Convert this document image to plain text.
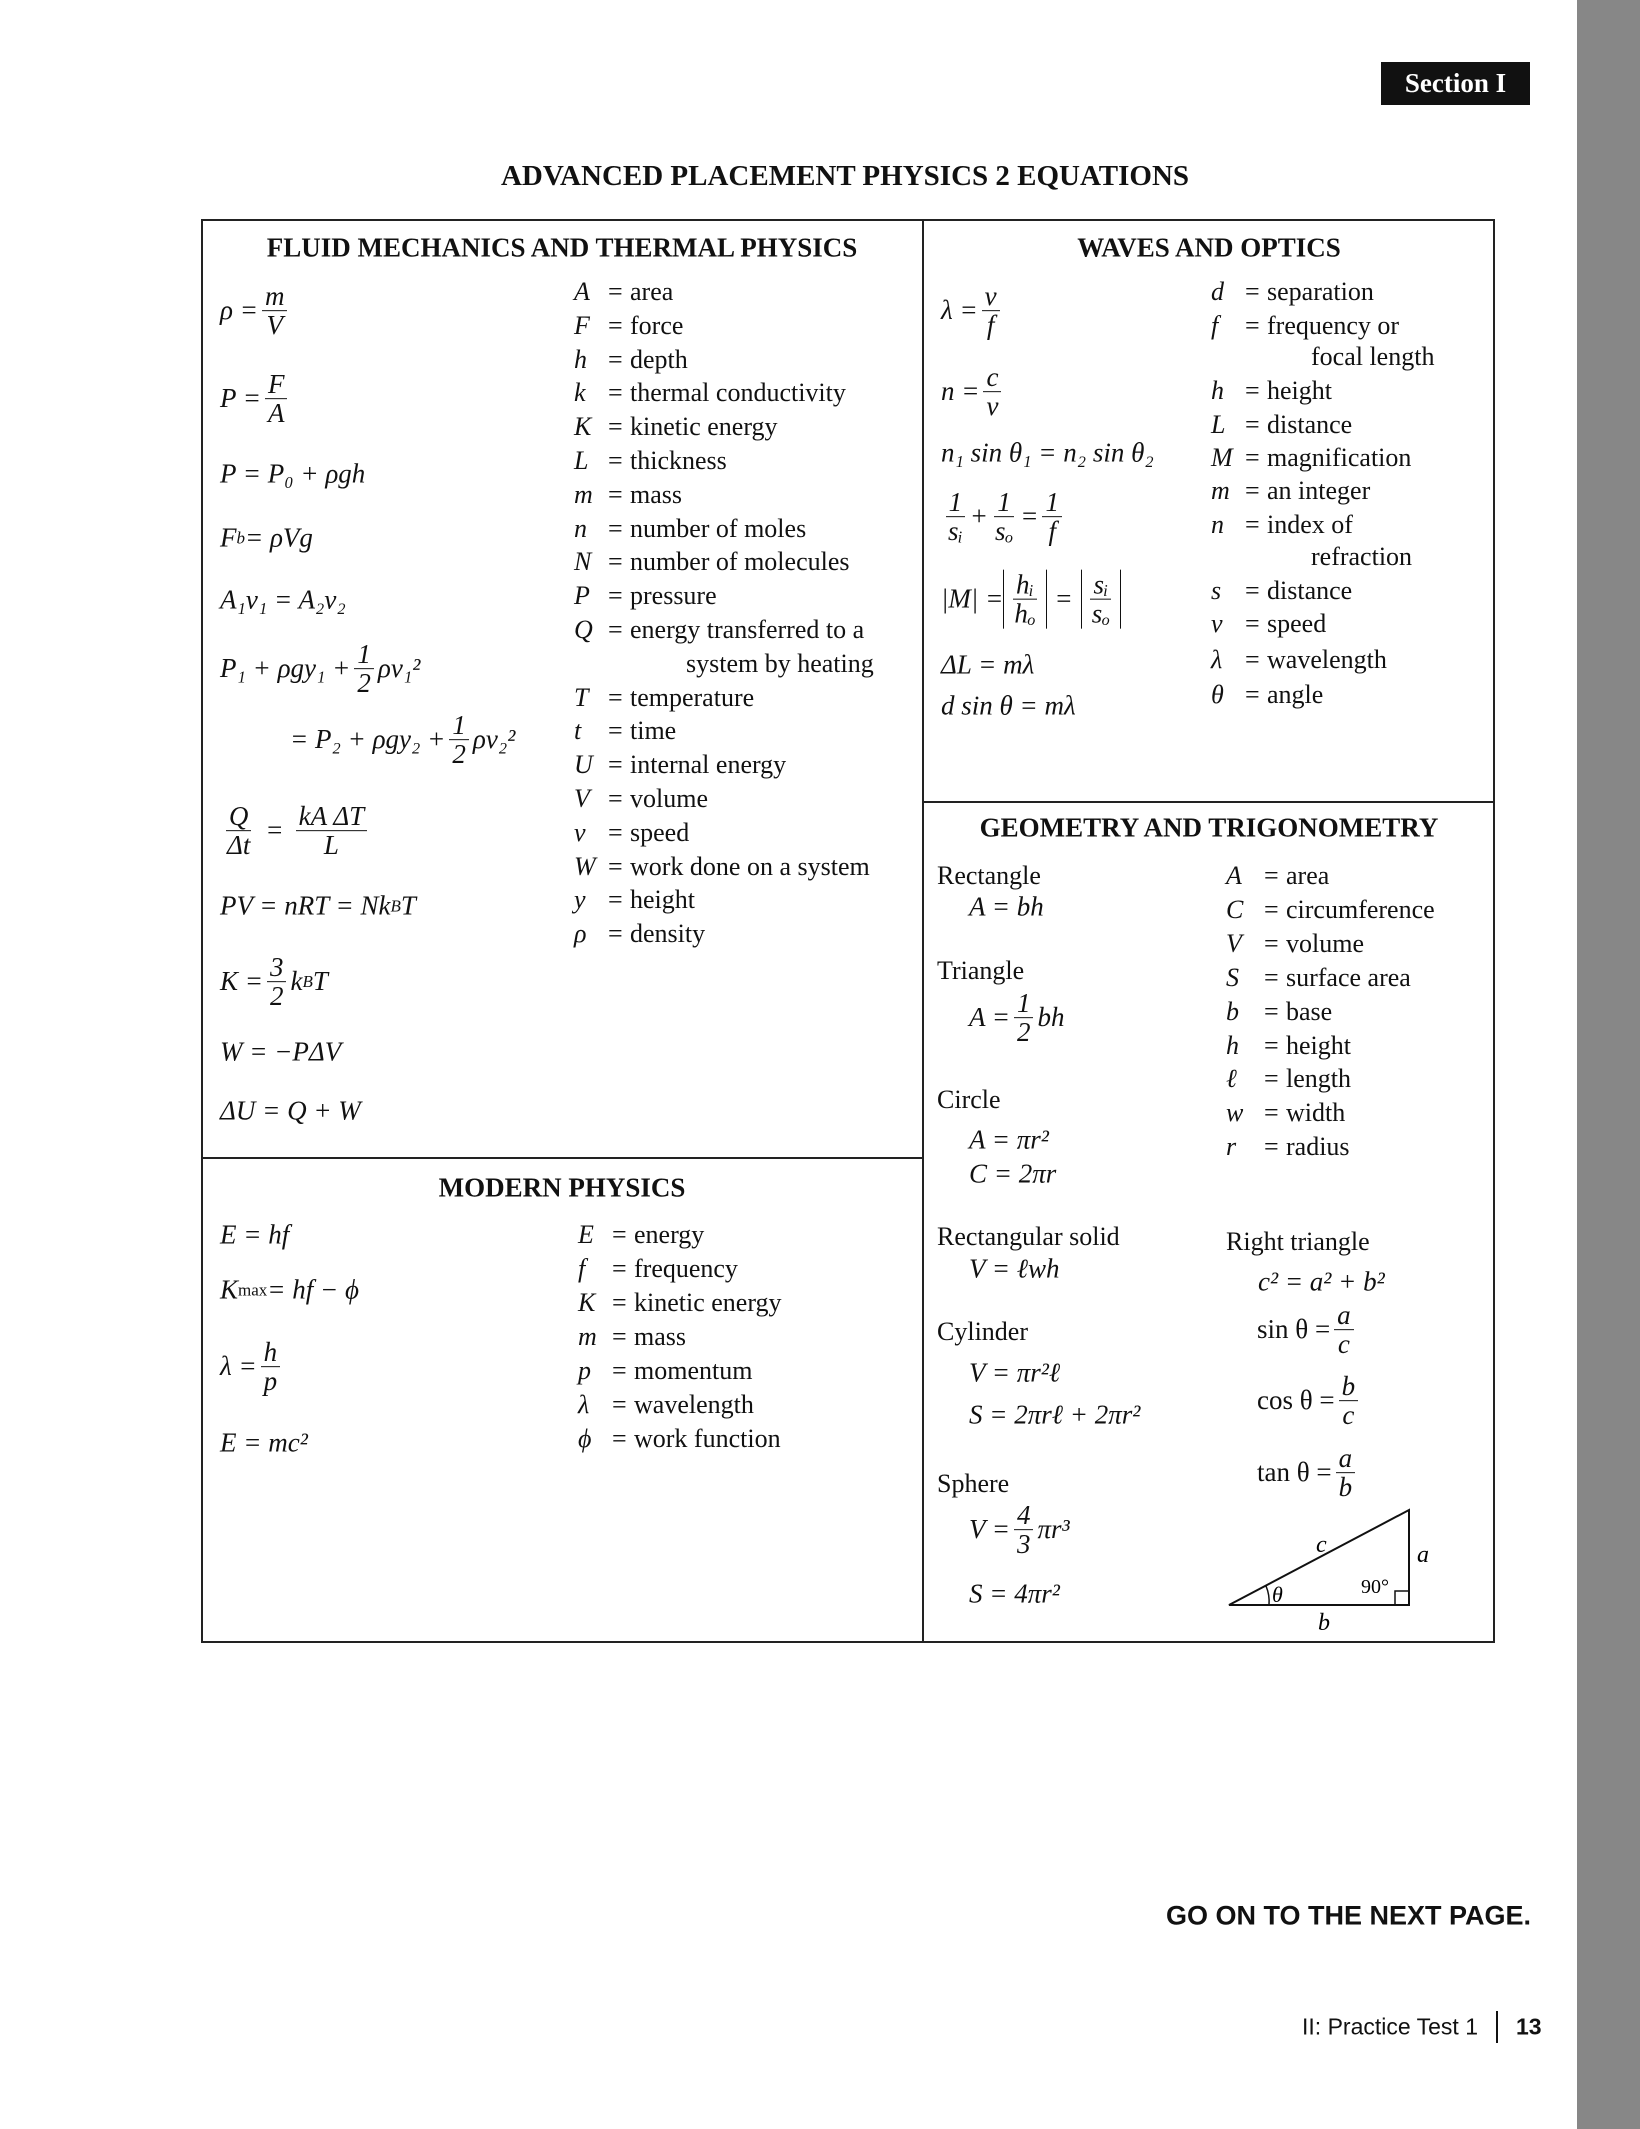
Section I
ADVANCED PLACEMENT PHYSICS 2 EQUATIONS
FLUID MECHANICS AND THERMAL PHYSICS
$\rho = \frac{m}{V}$
$P = \frac{F}{A}$
P = P₀ + ρgh
F b = ρVg
A₁v₁ = A₂v₂
$P_1 + \rho gy_1 + \frac{1}{2} \rho v_1^2$
= $P_2 + \rho gy_2 + \frac{1}{2} \rho v_2^2$
$\frac{Q}{\Delta t} = \frac{\text{kA ΔT}}{L}$
PV = nRT = Nk B T
$K = \frac{3}{2}$ k B T
W = −PΔV
ΔU = Q + W
A = area
F = force
h = depth
k = thermal conductivity
K = kinetic energy
L = thickness
m = mass
n = number of moles
N = number of molecules
P = pressure
Q = energy transferred to a
system by heating
T = temperature
t = time
U = internal energy
V = volume
v = speed
W = work done on a system
y = height
ρ = density
MODERN PHYSICS
E = hf
K max = hf − ϕ
$\lambda = \frac{h}{p}$
E = mc²
E = energy
f = frequency
K = kinetic energy
m = mass
p = momentum
λ = wavelength
ϕ = work function
WAVES AND OPTICS
$\lambda = \frac{v}{f}$
$n = \frac{c}{v}$
n₁ sin θ₁ = n₂ sin θ₂
$\frac{1}{\text{sᵢ}} + \frac{1}{\text{sₒ}} = \frac{1}{f}$
$|M| = \frac{\text{hᵢ}}{\text{hₒ}} = \frac{\text{sᵢ}}{\text{sₒ}}$
ΔL = mλ
d sin θ = mλ
d = separation
f = frequency or
focal length
h = height
L = distance
M = magnification
m = an integer
n = index of
refraction
s = distance
v = speed
λ = wavelength
θ = angle
GEOMETRY AND TRIGONOMETRY
Rectangle
A = bh
Triangle
$A = \frac{1}{2}$ bh
Circle
A = πr²
C = 2πr
Rectangular solid
V = ℓwh
Cylinder
V = πr²ℓ
S = 2πrℓ + 2πr²
Sphere
$V = \frac{4}{3} \pi r^3$
S = 4πr²
A = area
C = circumference
V = volume
S = surface area
b = base
h = height
ℓ = length
w = width
r = radius
Right triangle
c² = a² + b²
$\sin \theta = \frac{a}{c}$
$\cos \theta = \frac{b}{c}$
$\tan \theta = \frac{a}{b}$
c	a
b
θ	90°
GO ON TO THE NEXT PAGE.
II: Practice Test 1 13
